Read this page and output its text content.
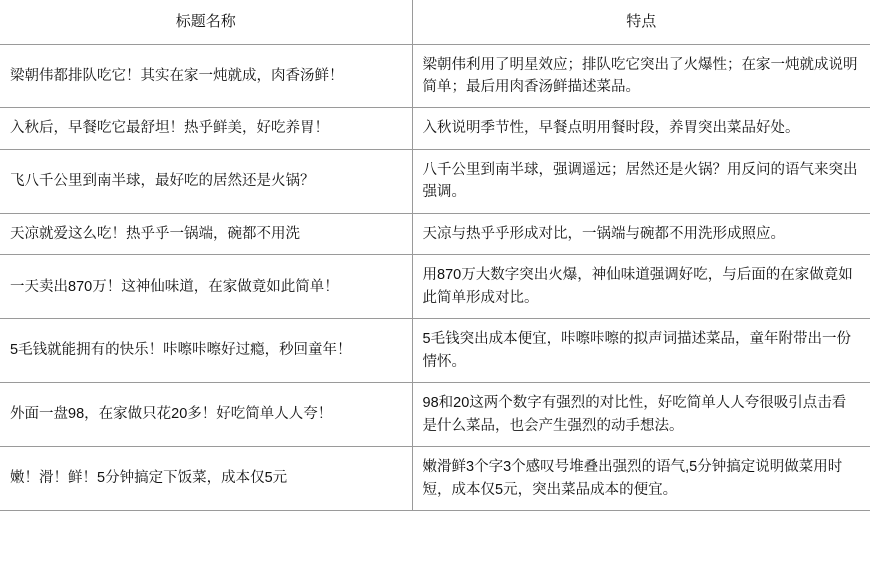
标题名称	特点
梁朝伟都排队吃它！其实在家一炖就成，肉香汤鲜！	梁朝伟利用了明星效应；排队吃它突出了火爆性；在家一炖就成说明简单；最后用肉香汤鲜描述菜品。
入秋后，早餐吃它最舒坦！热乎鲜美，好吃养胃！	入秋说明季节性，早餐点明用餐时段，养胃突出菜品好处。
飞八千公里到南半球，最好吃的居然还是火锅？	八千公里到南半球，强调遥远；居然还是火锅？用反问的语气来突出强调。
天凉就爱这么吃！热乎乎一锅端，碗都不用洗	天凉与热乎乎形成对比，一锅端与碗都不用洗形成照应。
一天卖出870万！这神仙味道，在家做竟如此简单！	用870万大数字突出火爆，神仙味道强调好吃，与后面的在家做竟如此简单形成对比。
5毛钱就能拥有的快乐！咔嚓咔嚓好过瘾，秒回童年！	5毛钱突出成本便宜，咔嚓咔嚓的拟声词描述菜品，童年附带出一份情怀。
外面一盘98，在家做只花20多！好吃简单人人夸！	98和20这两个数字有强烈的对比性，好吃简单人人夸很吸引点击看是什么菜品，也会产生强烈的动手想法。
嫩！滑！鲜！5分钟搞定下饭菜，成本仅5元	嫩滑鲜3个字3个感叹号堆叠出强烈的语气,5分钟搞定说明做菜用时短，成本仅5元，突出菜品成本的便宜。
